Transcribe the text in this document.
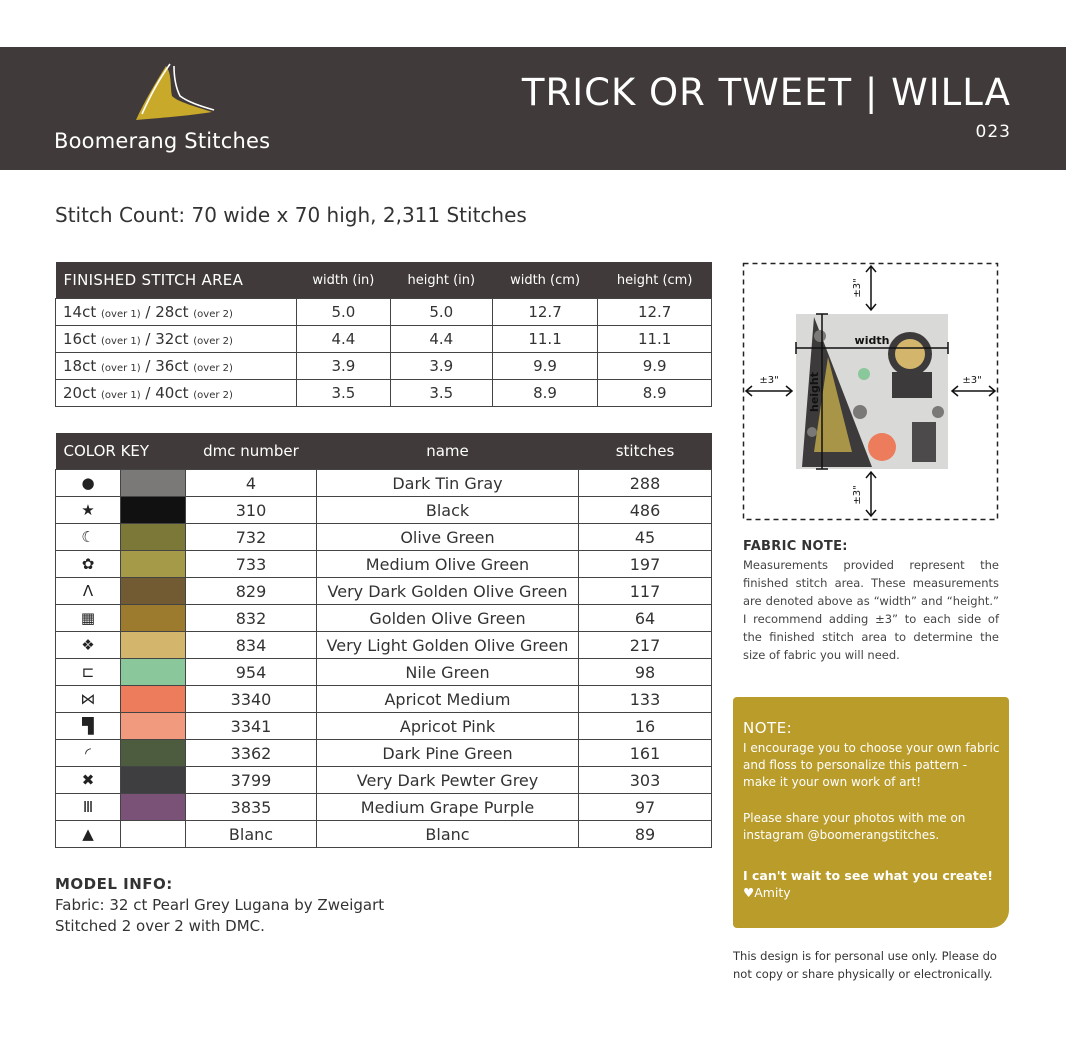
Boomerang Stitches
TRICK OR TWEET | WILLA
023
Stitch Count: 70 wide x 70 high, 2,311 Stitches
FINISHED STITCH AREA	width (in)	height (in)	width (cm)	height (cm)
14ct (over 1) / 28ct (over 2)	5.0	5.0	12.7	12.7
16ct (over 1) / 32ct (over 2)	4.4	4.4	11.1	11.1
18ct (over 1) / 36ct (over 2)	3.9	3.9	9.9	9.9
20ct (over 1) / 40ct (over 2)	3.5	3.5	8.9	8.9
COLOR KEY		dmc number	name	stitches
●		4	Dark Tin Gray	288
★		310	Black	486
☾		732	Olive Green	45
✿		733	Medium Olive Green	197
Λ		829	Very Dark Golden Olive Green	117
▦		832	Golden Olive Green	64
❖		834	Very Light Golden Olive Green	217
⊏		954	Nile Green	98
⋈		3340	Apricot Medium	133
▜		3341	Apricot Pink	16
◜		3362	Dark Pine Green	161
✖		3799	Very Dark Pewter Grey	303
Ⅲ		3835	Medium Grape Purple	97
▲		Blanc	Blanc	89
MODEL INFO:
Fabric: 32 ct Pearl Grey Lugana by Zweigart
Stitched 2 over 2 with DMC.
width
height
±3"
±3"
±3"	±3"
FABRIC NOTE:
Measurements provided represent the finished stitch area. These measurements are denoted above as “width” and “height.” I recommend adding ±3” to each side of the finished stitch area to determine the size of fabric you will need.
NOTE:
I encourage you to choose your own fabric and floss to personalize this pattern - make it your own work of art!
Please share your photos with me on instagram @boomerangstitches.
I can't wait to see what you create!
♥Amity
This design is for personal use only. Please do not copy or share physically or electronically.
